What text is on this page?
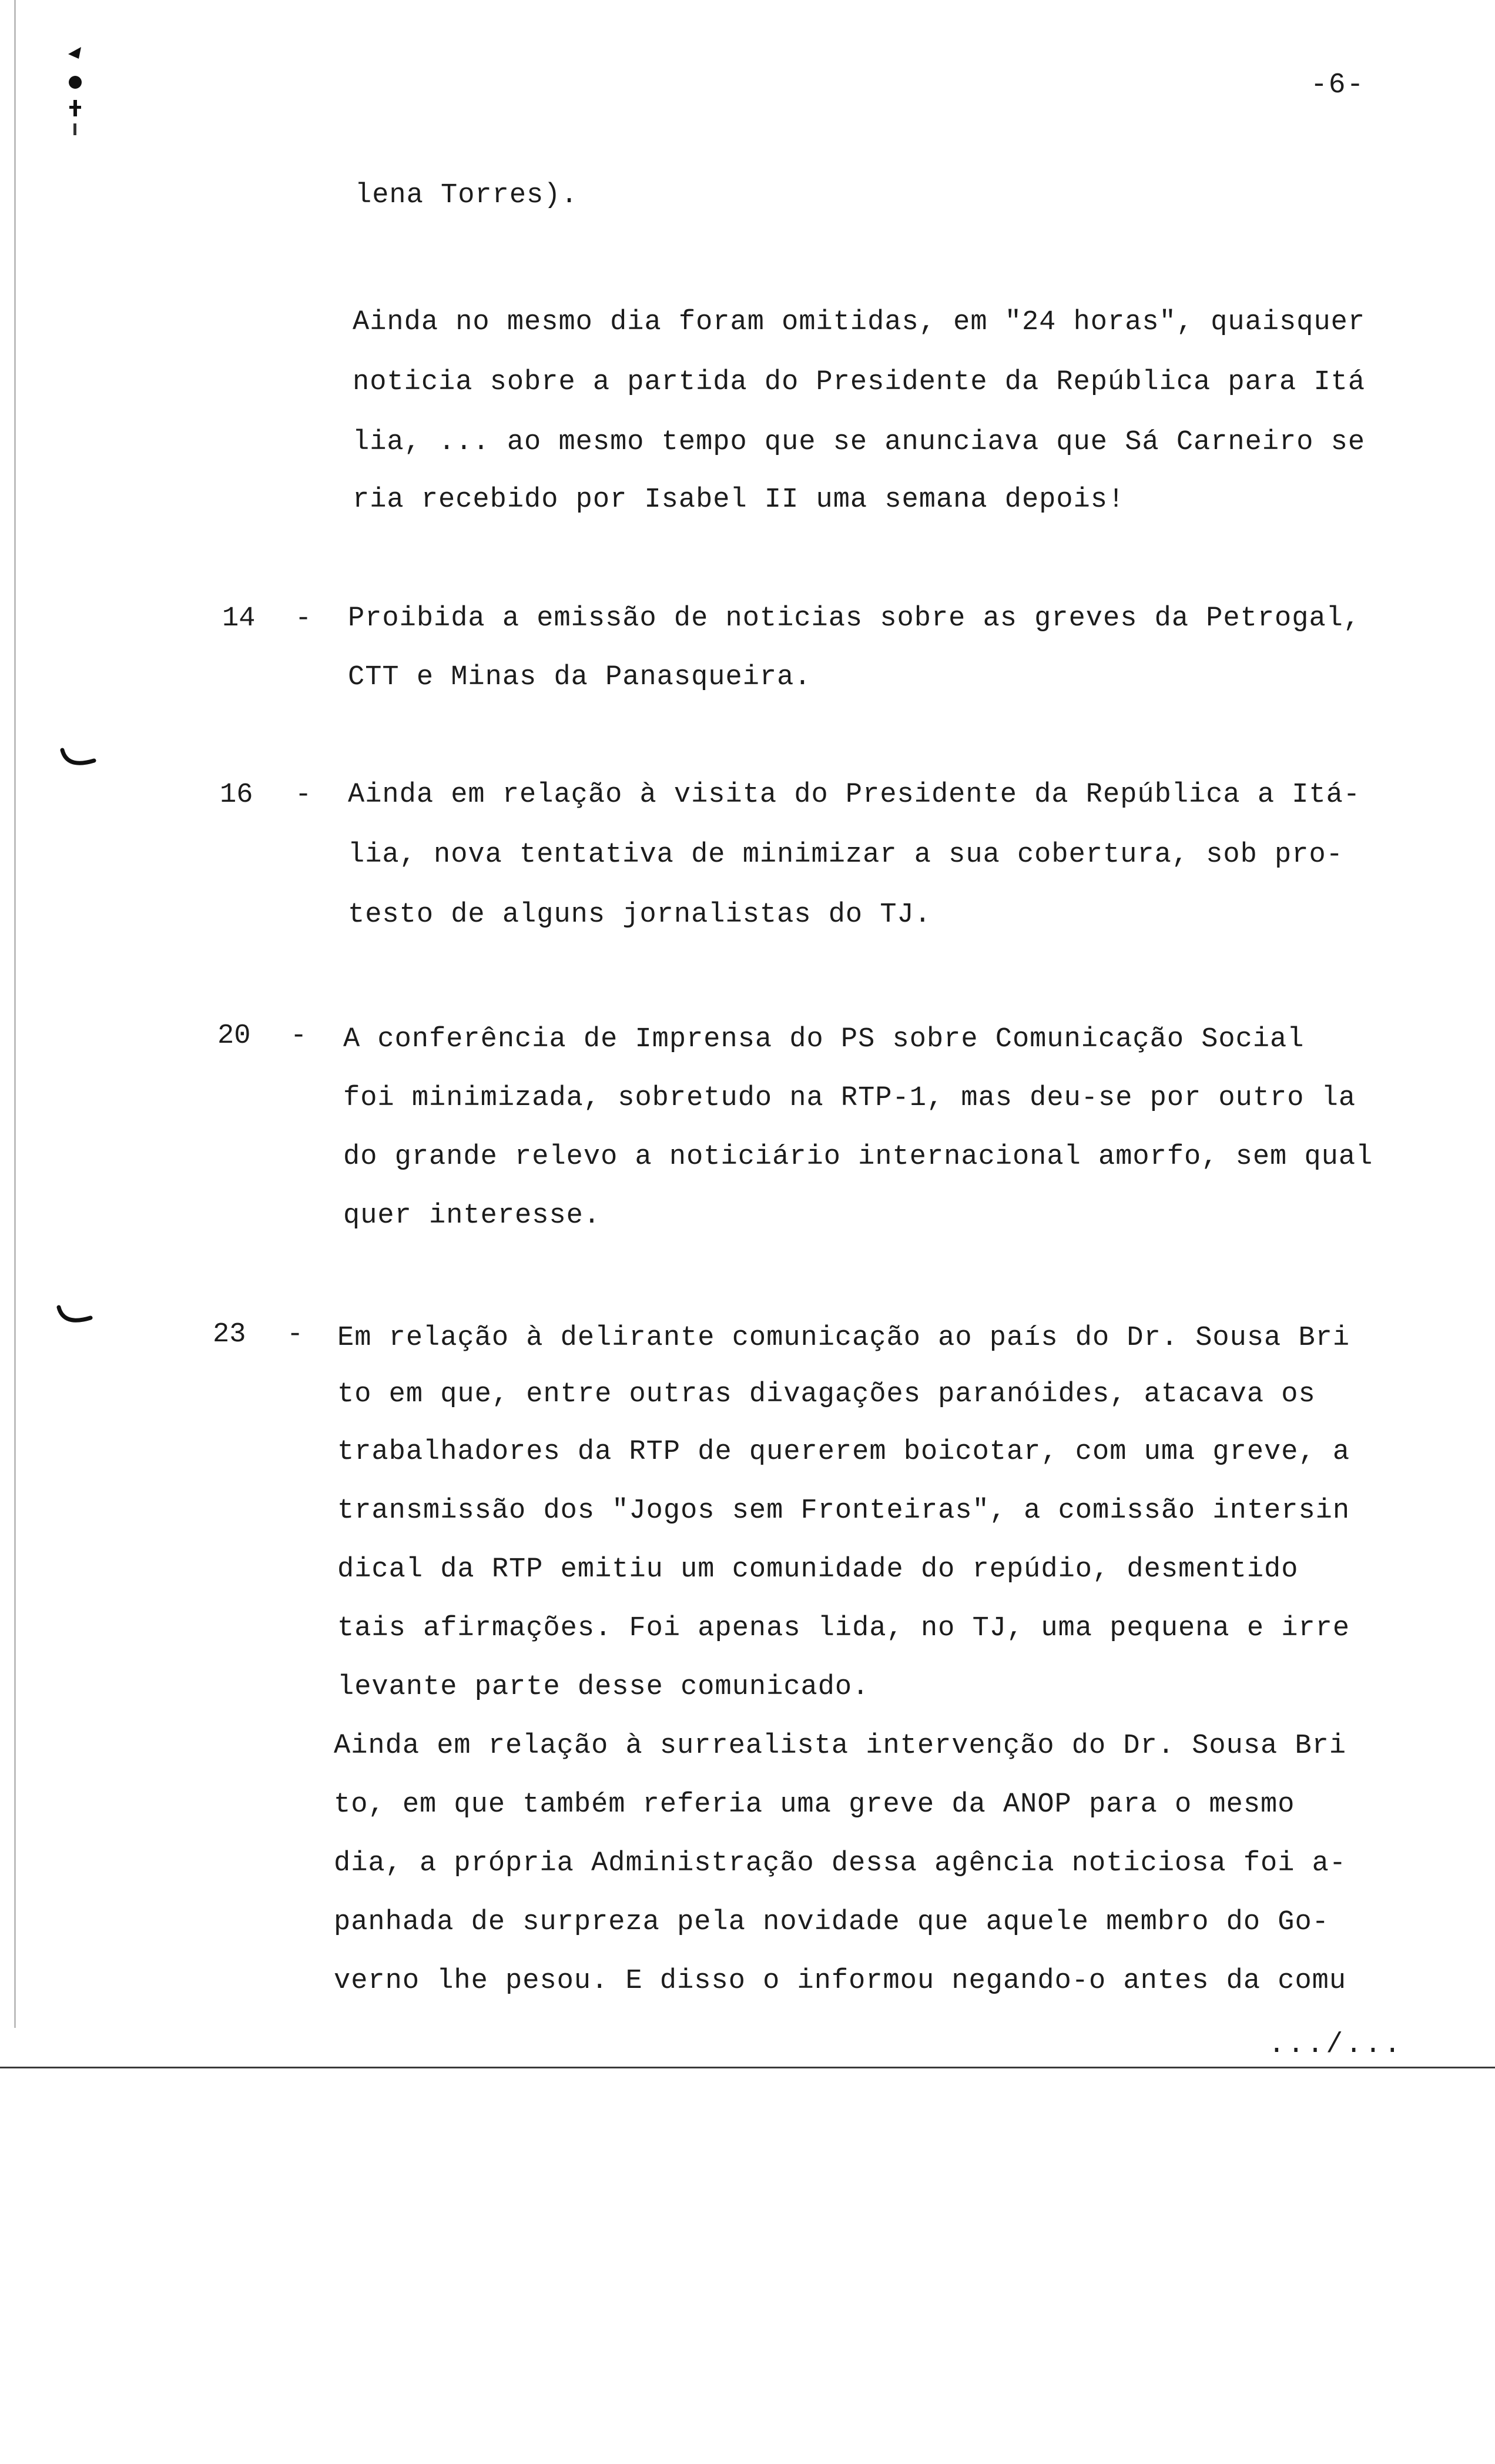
-6-
lena Torres).
Ainda no mesmo dia foram omitidas, em "24 horas", quaisquer
noticia sobre a partida do Presidente da República para Itá
lia, ... ao mesmo tempo que se anunciava que Sá Carneiro se
ria recebido por Isabel II uma semana depois!
14 - Proibida a emissão de noticias sobre as greves da Petrogal,
CTT e Minas da Panasqueira.
16 - Ainda em relação à visita do Presidente da República a Itá-
lia, nova tentativa de minimizar a sua cobertura, sob pro-
testo de alguns jornalistas do TJ.
20 - A conferência de Imprensa do PS sobre Comunicação Social
foi minimizada, sobretudo na RTP-1, mas deu-se por outro la
do grande relevo a noticiário internacional amorfo, sem qual
quer interesse.
23 - Em relação à delirante comunicação ao país do Dr. Sousa Bri
to em que, entre outras divagações paranóides, atacava os
trabalhadores da RTP de quererem boicotar, com uma greve, a
transmissão dos "Jogos sem Fronteiras", a comissão intersin
dical da RTP emitiu um comunidade do repúdio, desmentido
tais afirmações. Foi apenas lida, no TJ, uma pequena e irre
levante parte desse comunicado.
Ainda em relação à surrealista intervenção do Dr. Sousa Bri
to, em que também referia uma greve da ANOP para o mesmo
dia, a própria Administração dessa agência noticiosa foi a-
panhada de surpreza pela novidade que aquele membro do Go-
verno lhe pesou. E disso o informou negando-o antes da comu
.../...
